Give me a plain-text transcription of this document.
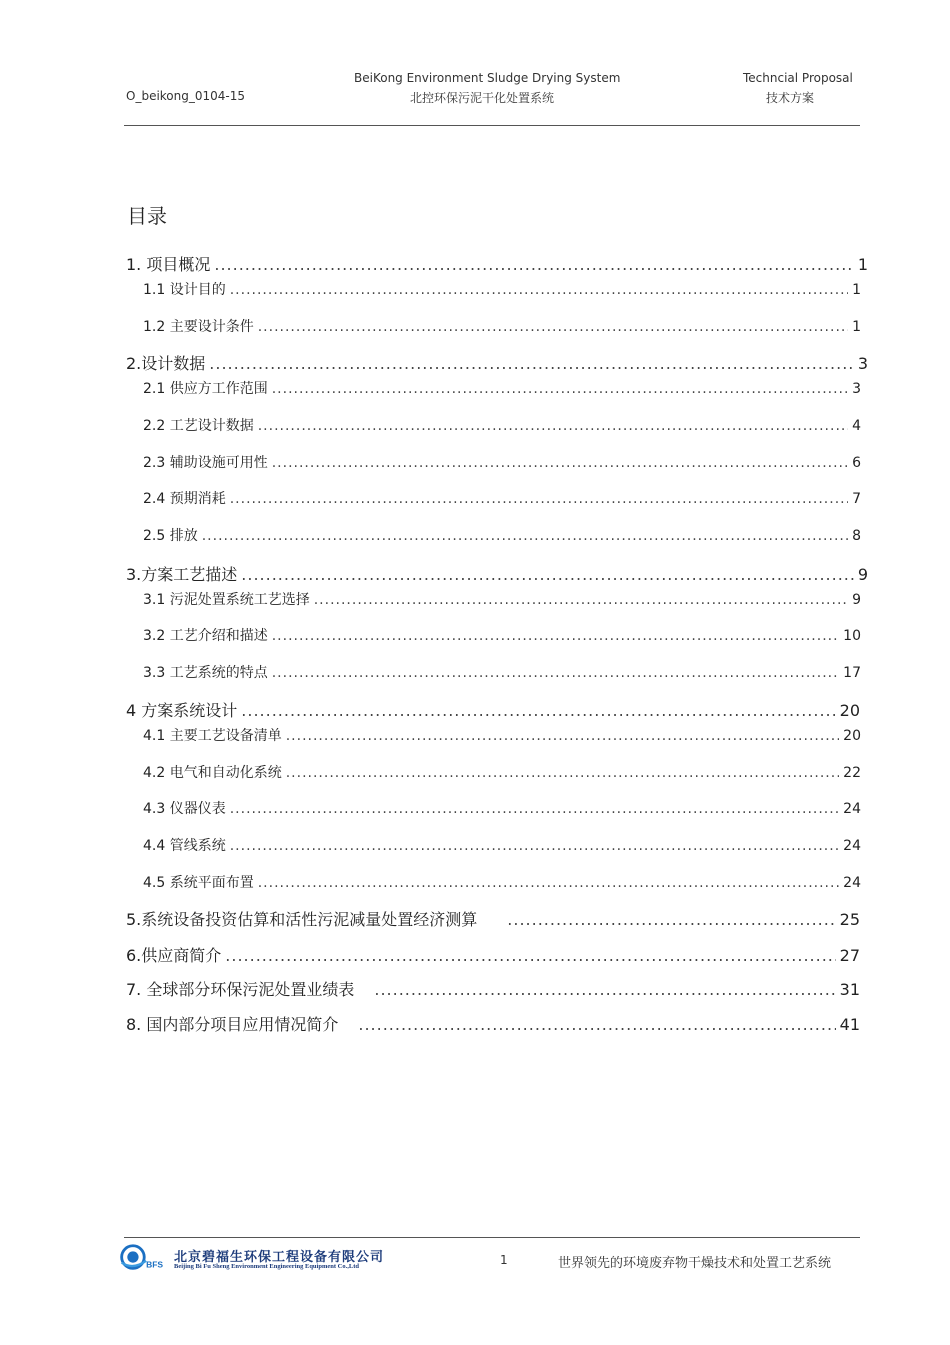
BeiKong Environment Sludge Drying System	Techncial Proposal
O_beikong_0104-15	北控环保污泥干化处置系统	技术方案
目录
1. 项目概况 .....	1
1.1 设计目的 .....	1
1.2 主要设计条件 .....	1
2.设计数据 .....	3
2.1 供应方工作范围 .....	3
2.2 工艺设计数据 .....	4
2.3 辅助设施可用性 .....	6
2.4 预期消耗 .....	7
2.5 排放 .....	8
3.方案工艺描述 .....	9
3.1 污泥处置系统工艺选择 .....	9
3.2 工艺介绍和描述 .....	10
3.3 工艺系统的特点 .....	17
4 方案系统设计 .....	20
4.1 主要工艺设备清单 .....	20
4.2 电气和自动化系统 .....	22
4.3 仪器仪表 .....	24
4.4 管线系统 .....	24
4.5 系统平面布置 .....	24
5.系统设备投资估算和活性污泥减量处置经济测算 .....	25
6.供应商简介 .....	27
7. 全球部分环保污泥处置业绩表 .....	31
8. 国内部分项目应用情况简介 .....	41
BFS 北京碧福生环保工程设备有限公司
Beijing Bi Fu Sheng Environment Engineering Equipment Co.,Ltd	1	世界领先的环境废弃物干燥技术和处置工艺系统
